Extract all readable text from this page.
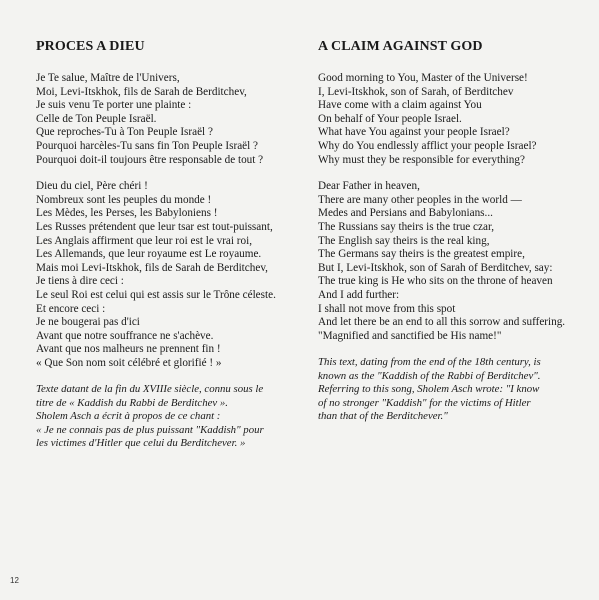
PROCES A DIEU
Je Te salue, Maître de l'Univers,
Moi, Levi-Itskhok, fils de Sarah de Berditchev,
Je suis venu Te porter une plainte :
Celle de Ton Peuple Israël.
Que reproches-Tu à Ton Peuple Israël ?
Pourquoi harcèles-Tu sans fin Ton Peuple Israël ?
Pourquoi doit-il toujours être responsable de tout ?
Dieu du ciel, Père chéri !
Nombreux sont les peuples du monde !
Les Mèdes, les Perses, les Babyloniens !
Les Russes prétendent que leur tsar est tout-puissant,
Les Anglais affirment que leur roi est le vrai roi,
Les Allemands, que leur royaume est Le royaume.
Mais moi Levi-Itskhok, fils de Sarah de Berditchev,
Je tiens à dire ceci :
Le seul Roi est celui qui est assis sur le Trône céleste.
Et encore ceci :
Je ne bougerai pas d'ici
Avant que notre souffrance ne s'achève.
Avant que nos malheurs ne prennent fin !
« Que Son nom soit célébré et glorifié ! »
Texte datant de la fin du XVIIIe siècle, connu sous le
titre de « Kaddish du Rabbi de Berditchev ».
Sholem Asch a écrit à propos de ce chant :
« Je ne connais pas de plus puissant "Kaddish" pour
les victimes d'Hitler que celui du Berditchever. »
A CLAIM AGAINST GOD
Good morning to You, Master of the Universe!
I, Levi-Itskhok, son of Sarah, of Berditchev
Have come with a claim against You
On behalf of Your people Israel.
What have You against your people Israel?
Why do You endlessly afflict your people Israel?
Why must they be responsible for everything?
Dear Father in heaven,
There are many other peoples in the world —
Medes and Persians and Babylonians...
The Russians say theirs is the true czar,
The English say theirs is the real king,
The Germans say theirs is the greatest empire,
But I, Levi-Itskhok, son of Sarah of Berditchev, say:
The true king is He who sits on the throne of heaven
And I add further:
I shall not move from this spot
And let there be an end to all this sorrow and suffering.
"Magnified and sanctified be His name!"
This text, dating from the end of the 18th century, is
known as the "Kaddish of the Rabbi of Berditchev".
Referring to this song, Sholem Asch wrote: "I know
of no stronger "Kaddish" for the victims of Hitler
than that of the Berditchever."
12
